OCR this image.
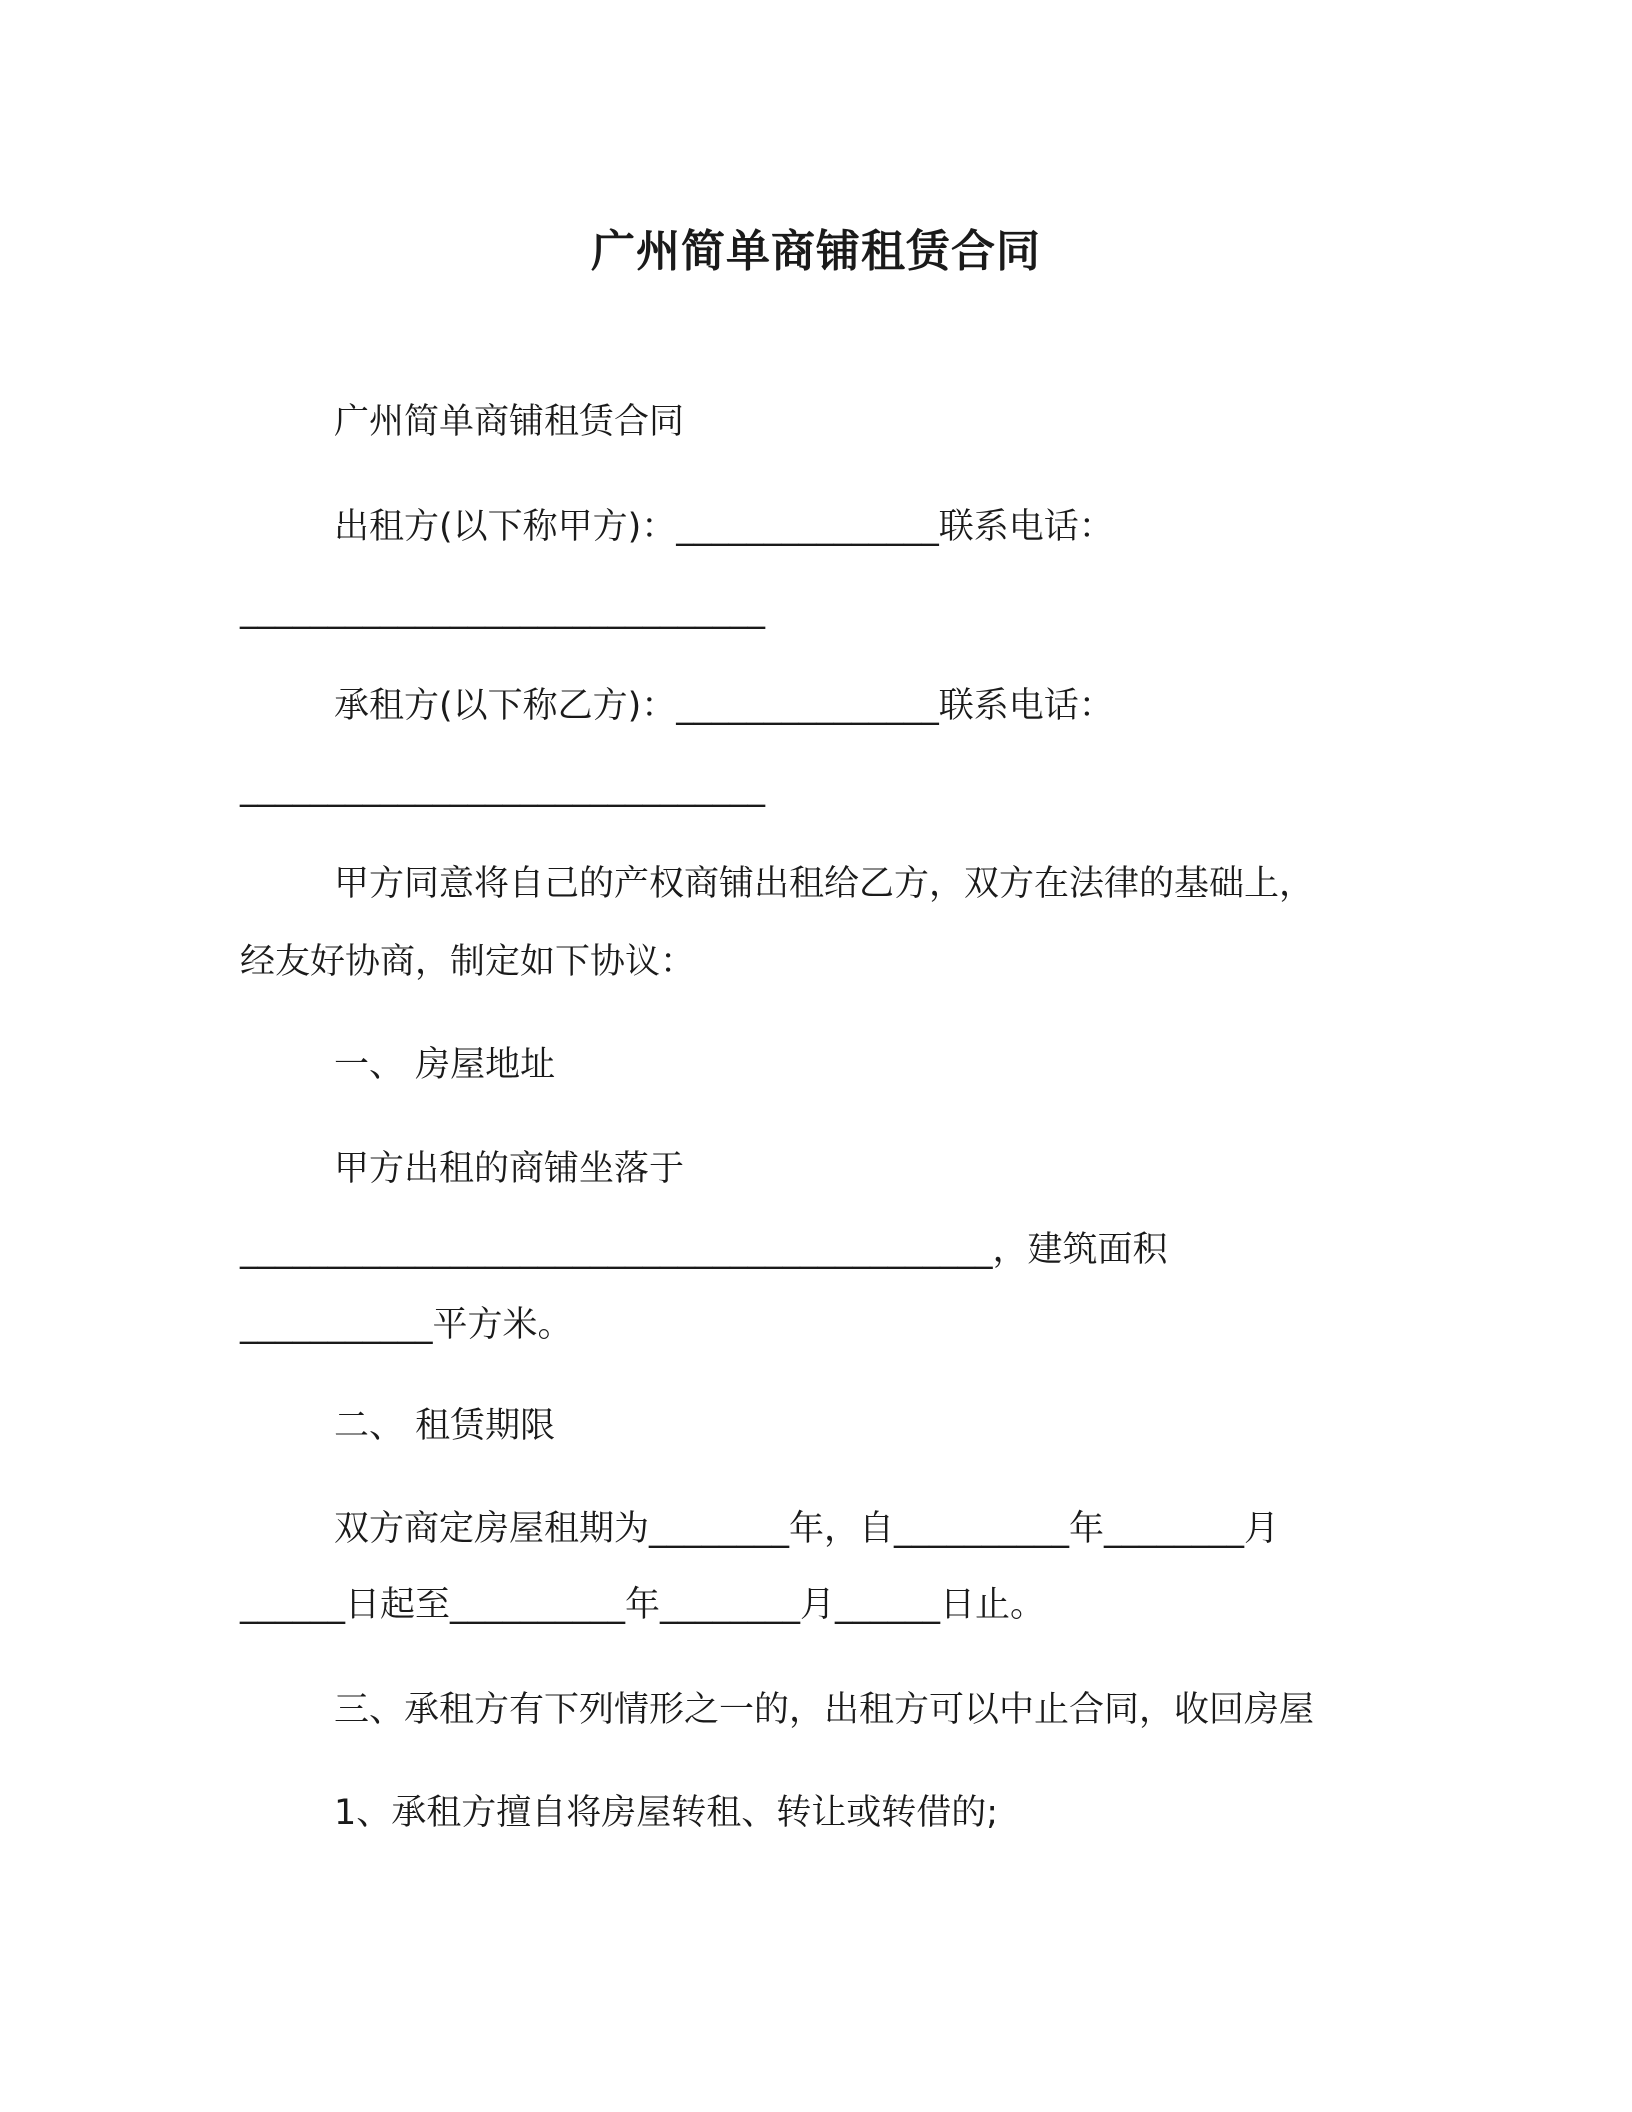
广州简单商铺租赁合同
广州简单商铺租赁合同
出租方(以下称甲方)：_______________联系电话：
______________________________
承租方(以下称乙方)：_______________联系电话：
______________________________
甲方同意将自己的产权商铺出租给乙方，双方在法律的基础上，
经友好协商，制定如下协议：
一、 房屋地址
甲方出租的商铺坐落于
___________________________________________，建筑面积
___________平方米。
二、 租赁期限
双方商定房屋租期为________年，自__________年________月
______日起至__________年________月______日止。
三、承租方有下列情形之一的，出租方可以中止合同，收回房屋
1、承租方擅自将房屋转租、转让或转借的;
